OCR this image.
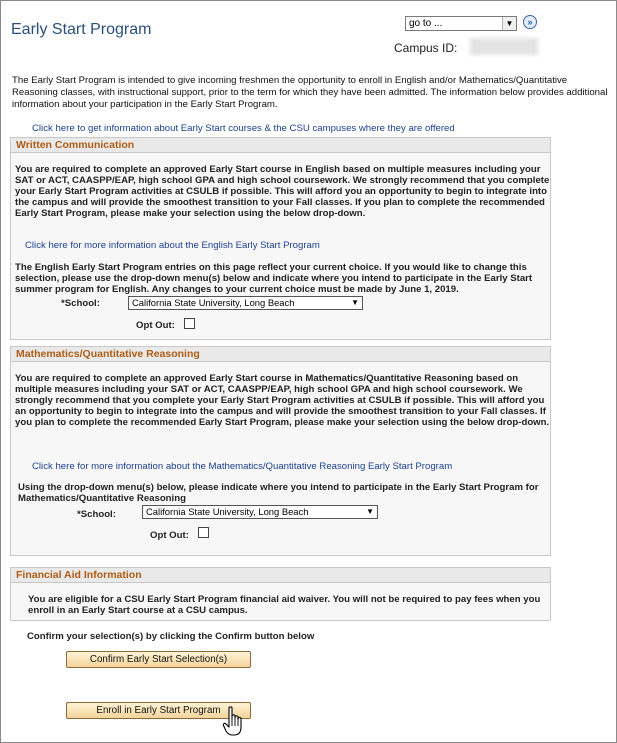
Early Start Program	go to ...	▼	»
Campus ID:
The Early Start Program is intended to give incoming freshmen the opportunity to enroll in English and/or Mathematics/Quantitative Reasoning classes, with instructional support, prior to the term for which they have been admitted. The information below provides additional information about your participation in the Early Start Program.
Click here to get information about Early Start courses & the CSU campuses where they are offered
Written Communication
You are required to complete an approved Early Start course in English based on multiple measures including your SAT or ACT, CAASPP/EAP, high school GPA and high school coursework. We strongly recommend that you complete your Early Start Program activities at CSULB if possible. This will afford you an opportunity to begin to integrate into the campus and will provide the smoothest transition to your Fall classes. If you plan to complete the recommended Early Start Program, please make your selection using the below drop-down.
Click here for more information about the English Early Start Program
The English Early Start Program entries on this page reflect your current choice. If you would like to change this selection, please use the drop-down menu(s) below and indicate where you intend to participate in the Early Start summer program for English. Any changes to your current choice must be made by June 1, 2019.
*School:	California State University, Long Beach	▼
Opt Out:
Mathematics/Quantitative Reasoning
You are required to complete an approved Early Start course in Mathematics/Quantitative Reasoning based on multiple measures including your SAT or ACT, CAASPP/EAP, high school GPA and high school coursework. We strongly recommend that you complete your Early Start Program activities at CSULB if possible. This will afford you an opportunity to begin to integrate into the campus and will provide the smoothest transition to your Fall classes. If you plan to complete the recommended Early Start Program, please make your selection using the below drop-down.
Click here for more information about the Mathematics/Quantitative Reasoning Early Start Program
Using the drop-down menu(s) below, please indicate where you intend to participate in the Early Start Program for Mathematics/Quantitative Reasoning
*School:	California State University, Long Beach	▼
Opt Out:
Financial Aid Information
You are eligible for a CSU Early Start Program financial aid waiver. You will not be required to pay fees when you enroll in an Early Start course at a CSU campus.
Confirm your selection(s) by clicking the Confirm button below
Confirm Early Start Selection(s)
Enroll in Early Start Program
